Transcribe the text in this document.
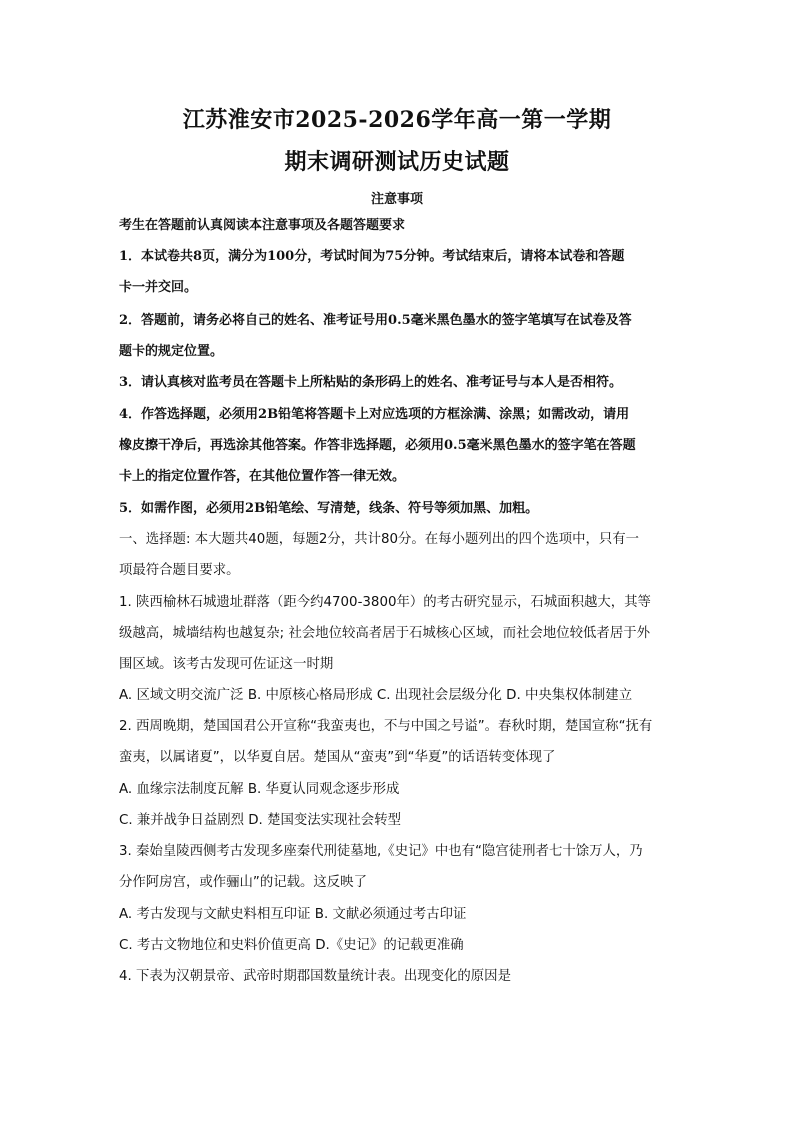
江苏淮安市2025-2026学年高一第一学期
期末调研测试历史试题
注意事项
考生在答题前认真阅读本注意事项及各题答题要求
1．本试卷共8页，满分为100分，考试时间为75分钟。考试结束后，请将本试卷和答题
卡一并交回。
2．答题前，请务必将自己的姓名、准考证号用0.5毫米黑色墨水的签字笔填写在试卷及答
题卡的规定位置。
3．请认真核对监考员在答题卡上所粘贴的条形码上的姓名、准考证号与本人是否相符。
4．作答选择题，必须用2B铅笔将答题卡上对应选项的方框涂满、涂黑；如需改动，请用
橡皮擦干净后，再选涂其他答案。作答非选择题，必须用0.5毫米黑色墨水的签字笔在答题
卡上的指定位置作答，在其他位置作答一律无效。
5．如需作图，必须用2B铅笔绘、写清楚，线条、符号等须加黑、加粗。
一、选择题: 本大题共40题，每题2分，共计80分。在每小题列出的四个选项中，只有一
项最符合题目要求。
1. 陕西榆林石城遗址群落（距今约4700-3800年）的考古研究显示，石城面积越大，其等
级越高，城墙结构也越复杂; 社会地位较高者居于石城核心区域，而社会地位较低者居于外
围区域。该考古发现可佐证这一时期
A. 区域文明交流广泛 B. 中原核心格局形成 C. 出现社会层级分化 D. 中央集权体制建立
2. 西周晚期，楚国国君公开宣称“我蛮夷也，不与中国之号谥”。春秋时期，楚国宣称“抚有
蛮夷，以属诸夏”，以华夏自居。楚国从“蛮夷”到“华夏”的话语转变体现了
A. 血缘宗法制度瓦解 B. 华夏认同观念逐步形成
C. 兼并战争日益剧烈 D. 楚国变法实现社会转型
3. 秦始皇陵西侧考古发现多座秦代刑徒墓地,《史记》中也有“隐宫徒刑者七十馀万人，乃
分作阿房宫，或作骊山”的记载。这反映了
A. 考古发现与文献史料相互印证 B. 文献必须通过考古印证
C. 考古文物地位和史料价值更高 D.《史记》的记载更准确
4. 下表为汉朝景帝、武帝时期郡国数量统计表。出现变化的原因是
